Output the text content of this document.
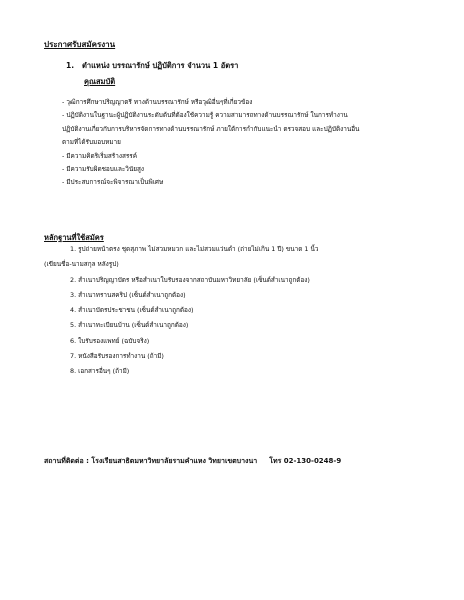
ประกาศรับสมัครงาน
1. ตำแหน่ง บรรณารักษ์ ปฏิบัติการ จำนวน 1 อัตรา
คุณสมบัติ
- วุฒิการศึกษาปริญญาตรี ทางด้านบรรณารักษ์ หรือวุฒิอื่นๆที่เกี่ยวข้อง
- ปฏิบัติงานในฐานะผู้ปฏิบัติงานระดับต้นที่ต้องใช้ความรู้ ความสามารถทางด้านบรรณารักษ์ ในการทำงาน
ปฏิบัติงานเกี่ยวกับการบริหารจัดการทางด้านบรรณารักษ์ ภายใต้การกำกับแนะนำ ตรวจสอบ และปฏิบัติงานอื่น
ตามที่ได้รับมอบหมาย
- มีความคิดริเริ่มสร้างสรรค์
- มีความรับผิดชอบและวินัยสูง
- มีประสบการณ์จะพิจารณาเป็นพิเศษ
หลักฐานที่ใช้สมัคร
1. รูปถ่ายหน้าตรง ชุดสุภาพ ไม่สวมหมวก และไม่สวมแว่นตำ (ถ่ายไม่เกิน 1 ปี) ขนาด 1 นิ้ว
(เขียนชื่อ-นามสกุล หลังรูป)
2. สำเนาปริญญาบัตร หรือสำเนาใบรับรองจากสถาบันมหาวิทยาลัย (เซ็นต์สำเนาถูกต้อง)
3. สำเนาทรานสคริป (เซ็นต์สำเนาถูกต้อง)
4. สำเนาบัตรประชาชน (เซ็นต์สำเนาถูกต้อง)
5. สำเนาทะเบียนบ้าน (เซ็นต์สำเนาถูกต้อง)
6. ใบรับรองแพทย์ (ฉบับจริง)
7. หนังสือรับรองการทำงาน (ถ้ามี)
8. เอกสารอื่นๆ (ถ้ามี)
สถานที่ติดต่อ : โรงเรียนสาธิตมหาวิทยาลัยรามคำแหง วิทยาเขตบางนา โทร 02-130-0248-9
